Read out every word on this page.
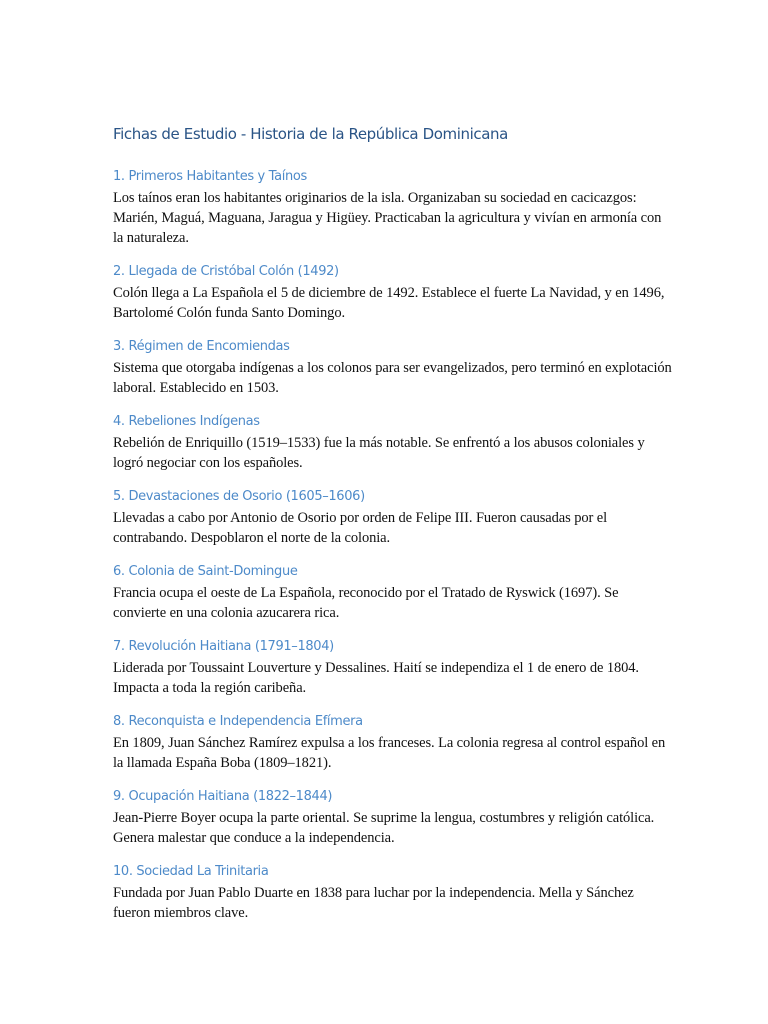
Fichas de Estudio - Historia de la República Dominicana
1. Primeros Habitantes y Taínos

Los taínos eran los habitantes originarios de la isla. Organizaban su sociedad en cacicazgos: Marién, Maguá, Maguana, Jaragua y Higüey. Practicaban la agricultura y vivían en armonía con la naturaleza.

2. Llegada de Cristóbal Colón (1492)

Colón llega a La Española el 5 de diciembre de 1492. Establece el fuerte La Navidad, y en 1496, Bartolomé Colón funda Santo Domingo.

3. Régimen de Encomiendas

Sistema que otorgaba indígenas a los colonos para ser evangelizados, pero terminó en explotación laboral. Establecido en 1503.

4. Rebeliones Indígenas

Rebelión de Enriquillo (1519–1533) fue la más notable. Se enfrentó a los abusos coloniales y logró negociar con los españoles.

5. Devastaciones de Osorio (1605–1606)

Llevadas a cabo por Antonio de Osorio por orden de Felipe III. Fueron causadas por el contrabando. Despoblaron el norte de la colonia.

6. Colonia de Saint-Domingue

Francia ocupa el oeste de La Española, reconocido por el Tratado de Ryswick (1697). Se convierte en una colonia azucarera rica.

7. Revolución Haitiana (1791–1804)

Liderada por Toussaint Louverture y Dessalines. Haití se independiza el 1 de enero de 1804. Impacta a toda la región caribeña.

8. Reconquista e Independencia Efímera

En 1809, Juan Sánchez Ramírez expulsa a los franceses. La colonia regresa al control español en la llamada España Boba (1809–1821).

9. Ocupación Haitiana (1822–1844)

Jean-Pierre Boyer ocupa la parte oriental. Se suprime la lengua, costumbres y religión católica. Genera malestar que conduce a la independencia.

10. Sociedad La Trinitaria

Fundada por Juan Pablo Duarte en 1838 para luchar por la independencia. Mella y Sánchez fueron miembros clave.
